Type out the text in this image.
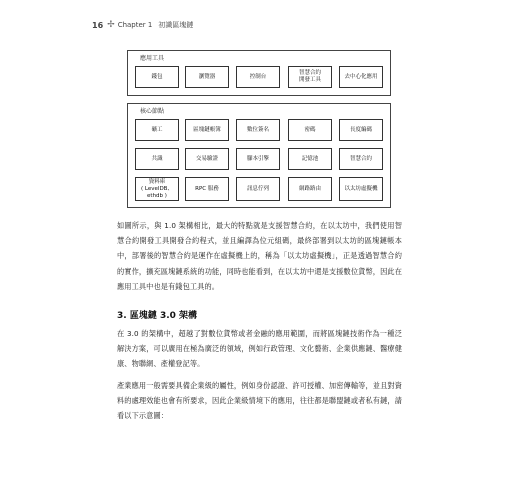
16 ✢ Chapter 1 初識區塊鏈
應用工具
錢包	瀏覽器	控制台
智慧合約
開發工具
去中心化應用
核心節點
礦工	區塊鏈帳簿	數位簽名	密碼	長度編碼
共識	交易驗證	腳本引擎	記憶池	智慧合約
資料庫
( LevelDB、
ethdb )
RPC 服務	訊息佇列	網路路由	以太坊虛擬機

如圖所示，與 1.0 架構相比，最大的特點就是支援智慧合約，在以太坊中，我們使用智慧合約開發工具開發合約程式，並且編譯為位元組碼，最終部署到以太坊的區塊鏈帳本中，部署後的智慧合約是運作在虛擬機上的，稱為「以太坊虛擬機」，正是透過智慧合約的實作，擴充區塊鏈系統的功能，同時也能看到，在以太坊中還是支援數位貨幣，因此在應用工具中也是有錢包工具的。

3. 區塊鏈 3.0 架構

在 3.0 的架構中，超越了對數位貨幣或者金融的應用範圍，而將區塊鏈技術作為一種泛解決方案，可以廣用在極為廣泛的領域，例如行政管理、文化藝術、企業供應鏈、醫療健康、物聯網、產權登記等。

產業應用一般需要具備企業級的屬性，例如身份認證、許可授權、加密傳輸等，並且對資料的處理效能也會有所要求，因此企業級情境下的應用，往往都是聯盟鏈或者私有鏈，請看以下示意圖：
